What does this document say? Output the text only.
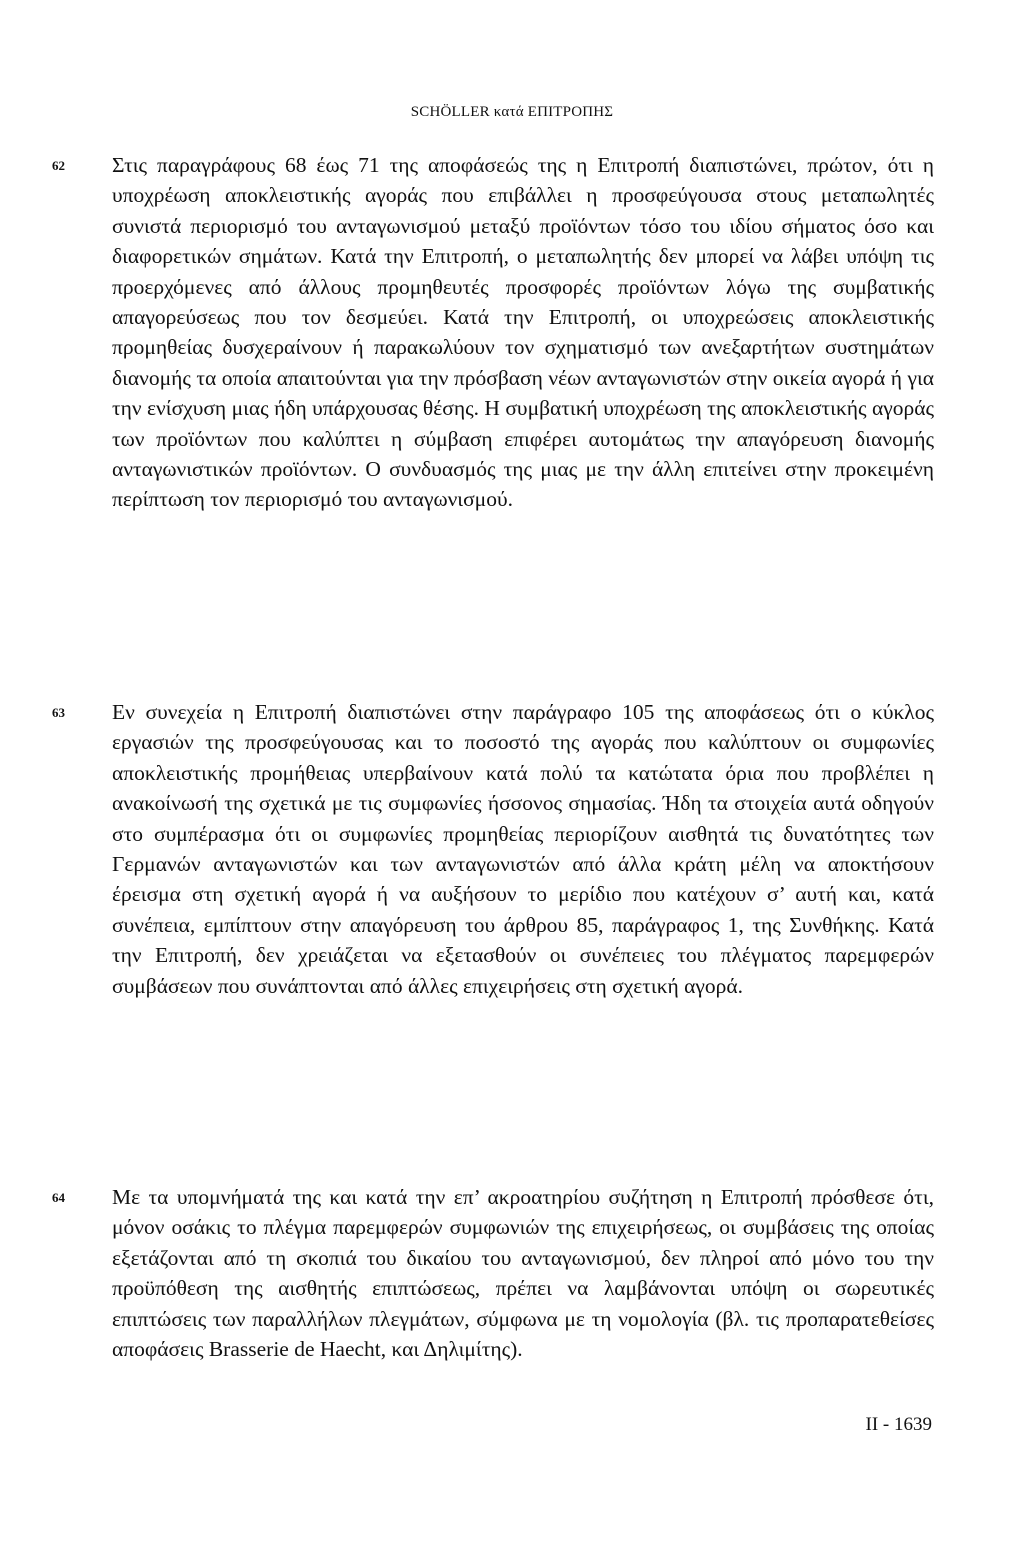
SCHÖLLER κατά ΕΠΙΤΡΟΠΗΣ
62 Στις παραγράφους 68 έως 71 της αποφάσεώς της η Επιτροπή διαπιστώνει, πρώτον, ότι η υποχρέωση αποκλειστικής αγοράς που επιβάλλει η προσφεύγουσα στους μεταπωλητές συνιστά περιορισμό του ανταγωνισμού μεταξύ προϊόντων τόσο του ιδίου σήματος όσο και διαφορετικών σημάτων. Κατά την Επιτροπή, ο μεταπωλητής δεν μπορεί να λάβει υπόψη τις προερχόμενες από άλλους προμηθευτές προσφορές προϊόντων λόγω της συμβατικής απαγορεύσεως που τον δεσμεύει. Κατά την Επιτροπή, οι υποχρεώσεις αποκλειστικής προμηθείας δυσχεραίνουν ή παρακωλύουν τον σχηματισμό των ανεξαρτήτων συστημάτων διανομής τα οποία απαιτούνται για την πρόσβαση νέων ανταγωνιστών στην οικεία αγορά ή για την ενίσχυση μιας ήδη υπάρχουσας θέσης. Η συμβατική υποχρέωση της αποκλειστικής αγοράς των προϊόντων που καλύπτει η σύμβαση επιφέρει αυτομάτως την απαγόρευση διανομής ανταγωνιστικών προϊόντων. Ο συνδυασμός της μιας με την άλλη επιτείνει στην προκειμένη περίπτωση τον περιορισμό του ανταγωνισμού.

63 Εν συνεχεία η Επιτροπή διαπιστώνει στην παράγραφο 105 της αποφάσεως ότι ο κύκλος εργασιών της προσφεύγουσας και το ποσοστό της αγοράς που καλύπτουν οι συμφωνίες αποκλειστικής προμήθειας υπερβαίνουν κατά πολύ τα κατώτατα όρια που προβλέπει η ανακοίνωσή της σχετικά με τις συμφωνίες ήσσονος σημασίας. Ήδη τα στοιχεία αυτά οδηγούν στο συμπέρασμα ότι οι συμφωνίες προμηθείας περιορίζουν αισθητά τις δυνατότητες των Γερμανών ανταγωνιστών και των ανταγωνιστών από άλλα κράτη μέλη να αποκτήσουν έρεισμα στη σχετική αγορά ή να αυξήσουν το μερίδιο που κατέχουν σ’ αυτή και, κατά συνέπεια, εμπίπτουν στην απαγόρευση του άρθρου 85, παράγραφος 1, της Συνθήκης. Κατά την Επιτροπή, δεν χρειάζεται να εξετασθούν οι συνέπειες του πλέγματος παρεμφερών συμβάσεων που συνάπτονται από άλλες επιχειρήσεις στη σχετική αγορά.

64 Με τα υπομνήματά της και κατά την επ’ ακροατηρίου συζήτηση η Επιτροπή πρόσθεσε ότι, μόνον οσάκις το πλέγμα παρεμφερών συμφωνιών της επιχειρήσεως, οι συμβάσεις της οποίας εξετάζονται από τη σκοπιά του δικαίου του ανταγωνισμού, δεν πληροί από μόνο του την προϋπόθεση της αισθητής επιπτώσεως, πρέπει να λαμβάνονται υπόψη οι σωρευτικές επιπτώσεις των παραλλήλων πλεγμάτων, σύμφωνα με τη νομολογία (βλ. τις προπαρατεθείσες αποφάσεις Brasserie de Haecht, και Δηλιμίτης).

II - 1639
